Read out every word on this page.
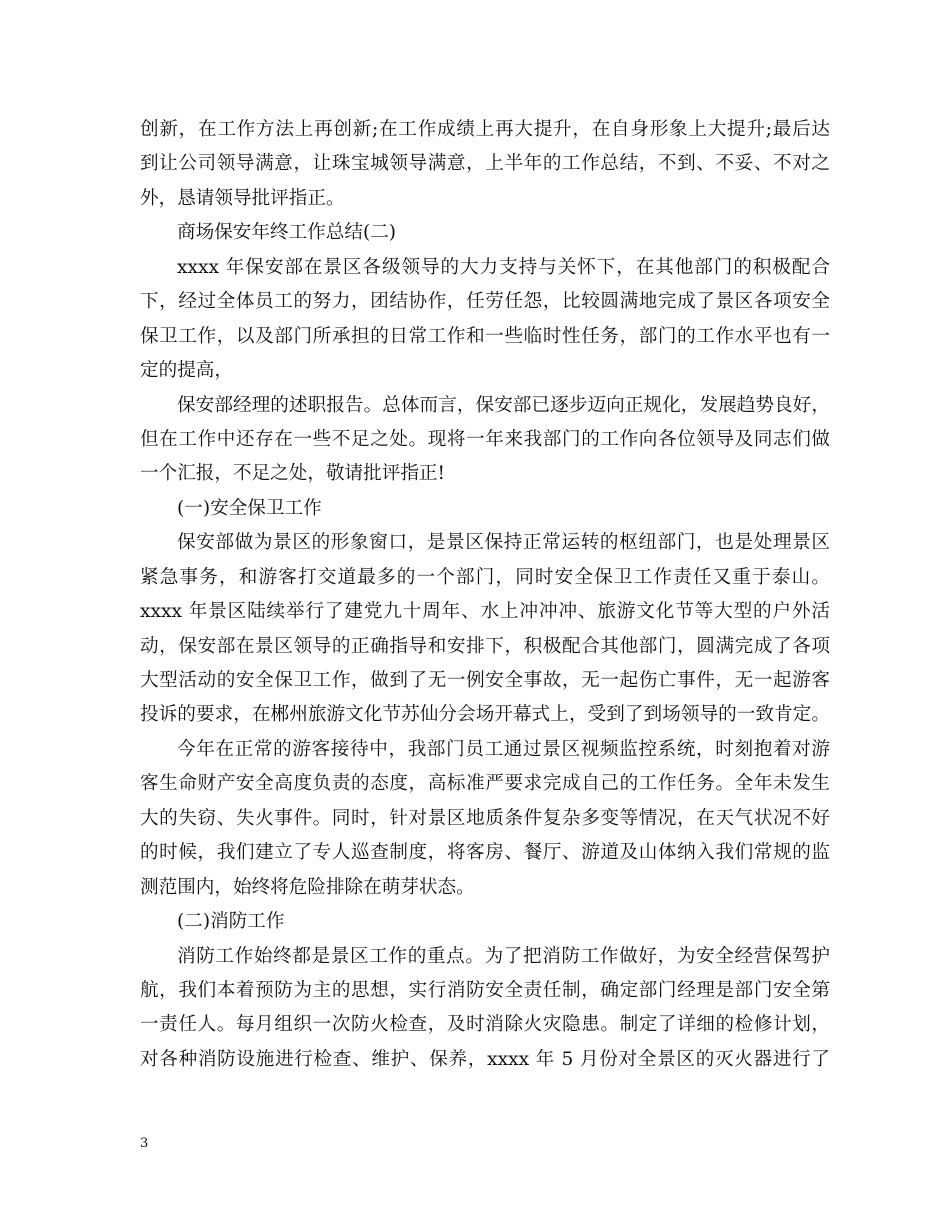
创新，在工作方法上再创新;在工作成绩上再大提升，在自身形象上大提升;最后达
到让公司领导满意，让珠宝城领导满意，上半年的工作总结，不到、不妥、不对之
外，恳请领导批评指正。
商场保安年终工作总结(二)
xxxx 年保安部在景区各级领导的大力支持与关怀下，在其他部门的积极配合
下，经过全体员工的努力，团结协作，任劳任怨，比较圆满地完成了景区各项安全
保卫工作，以及部门所承担的日常工作和一些临时性任务，部门的工作水平也有一
定的提高，
保安部经理的述职报告。总体而言，保安部已逐步迈向正规化，发展趋势良好，
但在工作中还存在一些不足之处。现将一年来我部门的工作向各位领导及同志们做
一个汇报，不足之处，敬请批评指正!
(一)安全保卫工作
保安部做为景区的形象窗口，是景区保持正常运转的枢纽部门，也是处理景区
紧急事务，和游客打交道最多的一个部门，同时安全保卫工作责任又重于泰山。
xxxx 年景区陆续举行了建党九十周年、水上冲冲冲、旅游文化节等大型的户外活
动，保安部在景区领导的正确指导和安排下，积极配合其他部门，圆满完成了各项
大型活动的安全保卫工作，做到了无一例安全事故，无一起伤亡事件，无一起游客
投诉的要求，在郴州旅游文化节苏仙分会场开幕式上，受到了到场领导的一致肯定。
今年在正常的游客接待中，我部门员工通过景区视频监控系统，时刻抱着对游
客生命财产安全高度负责的态度，高标准严要求完成自己的工作任务。全年未发生
大的失窃、失火事件。同时，针对景区地质条件复杂多变等情况，在天气状况不好
的时候，我们建立了专人巡查制度，将客房、餐厅、游道及山体纳入我们常规的监
测范围内，始终将危险排除在萌芽状态。
(二)消防工作
消防工作始终都是景区工作的重点。为了把消防工作做好，为安全经营保驾护
航，我们本着预防为主的思想，实行消防安全责任制，确定部门经理是部门安全第
一责任人。每月组织一次防火检查，及时消除火灾隐患。制定了详细的检修计划，
对各种消防设施进行检查、维护、保养，xxxx 年 5 月份对全景区的灭火器进行了
3
